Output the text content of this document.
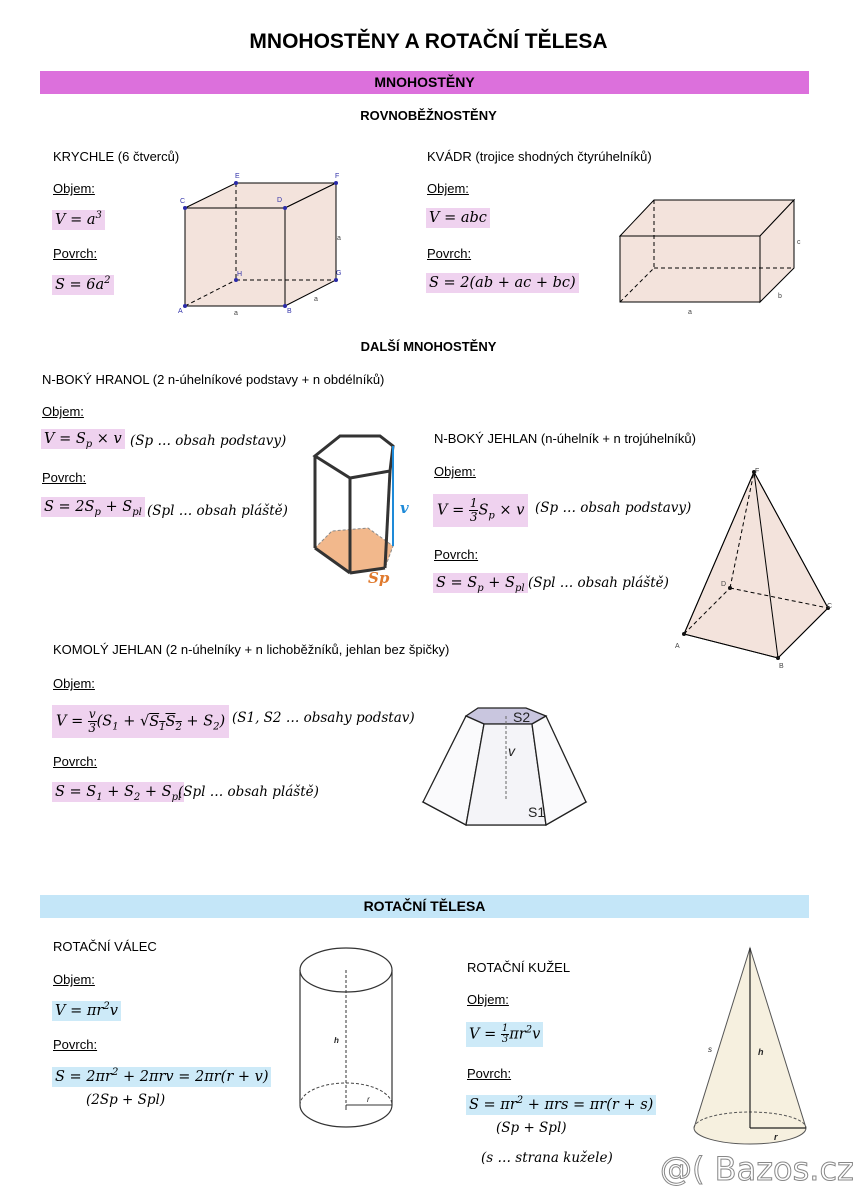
MNOHOSTĚNY A ROTAČNÍ TĚLESA
MNOHOSTĚNY
ROVNOBĚŽNOSTĚNY
KRYCHLE (6 čtverců)
Objem:
$V = a^3$
Povrch:
$S = 6a^2$
A	B
C	D
E	F
G
H
a
a
a
KVÁDR (trojice shodných čtyrúhelníků)
Objem:
V = abc
Povrch:
S = 2(ab + ac + bc)
a
b
c
DALŠÍ MNOHOSTĚNY
N-BOKÝ HRANOL (2 n-úhelníkové podstavy + n obdélníků)
Objem:
$V = S_p \times v$ (Sp … obsah podstavy)
Povrch:
$S = 2S_p + S_{pl}$ (Spl … obsah pláště)	v
Sp
N-BOKÝ JEHLAN (n-úhelník + n trojúhelníků)
Objem:
$V = \frac{1}{3} S_p \times v$ (Sp … obsah podstavy)
Povrch:
$S = S_p + S_{pl}$ (Spl … obsah pláště)
A
B
C
D
F
KOMOLÝ JEHLAN (2 n-úhelníky + n lichoběžníků, jehlan bez špičky)
Objem:
$V = \frac{v}{3} (S_1 + √S_1S_2 + S_2)$ (S1, S2 … obsahy podstav)
Povrch:
$S = S_1 + S_2 + S_{pl}$
(Spl … obsah pláště)
S2
v
S1
ROTAČNÍ TĚLESA
ROTAČNÍ VÁLEC
Objem:
$V = \pi r^2v$
Povrch:
$S = 2\pi r^2 + 2\pi rv = 2\pi r(r + v)$
(2Sp + Spl)
h
r
ROTAČNÍ KUŽEL
Objem:
$V = \frac{1}{3} \pi r^2v$
Povrch:
$S = \pi r^2 + \pi rs = \pi r(r + s)$
(Sp + Spl)
(s … strana kužele)
s	h
r
@( Bazos.cz
